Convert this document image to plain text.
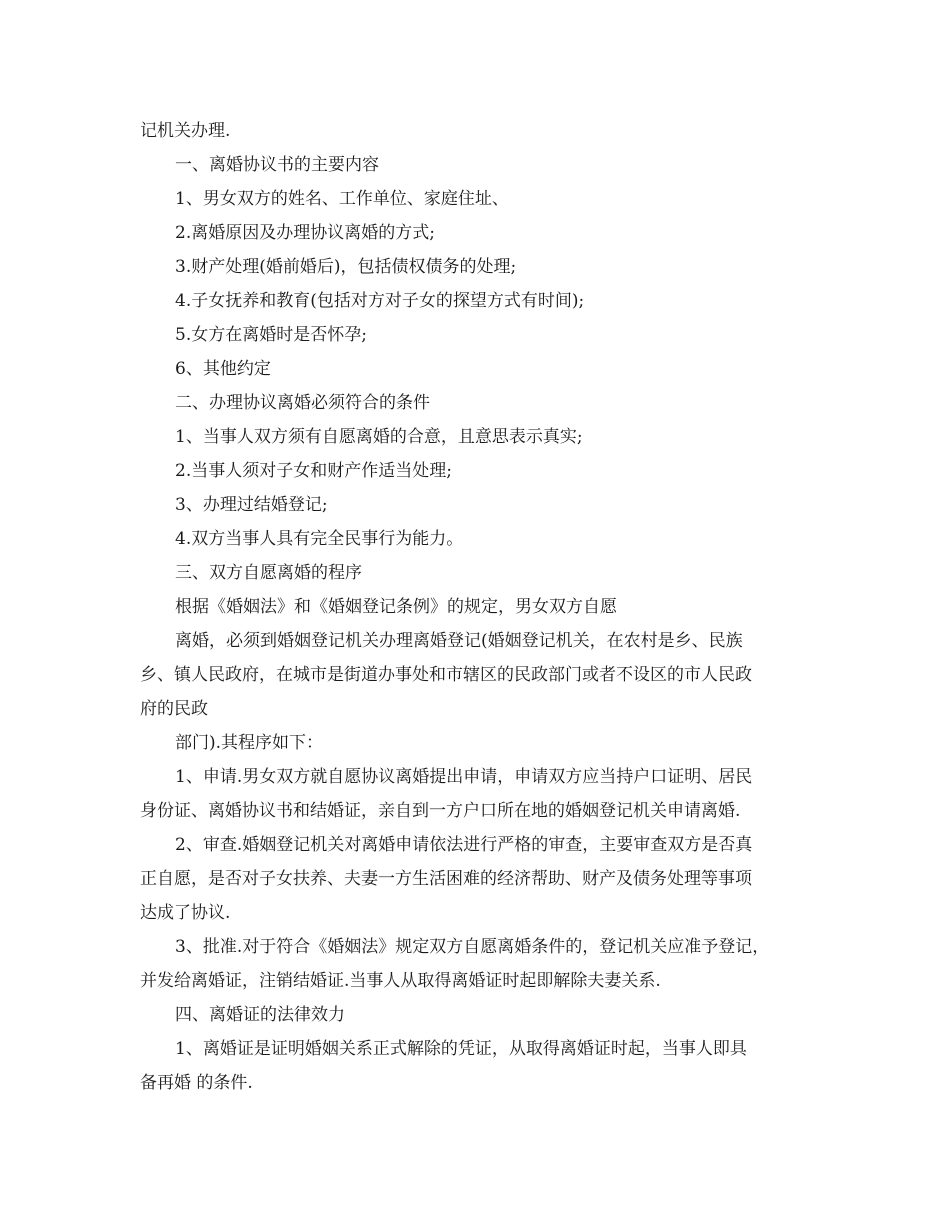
记机关办理.
一、离婚协议书的主要内容
1、男女双方的姓名、工作单位、家庭住址、
2.离婚原因及办理协议离婚的方式;
3.财产处理(婚前婚后)，包括债权债务的处理;
4.子女抚养和教育(包括对方对子女的探望方式有时间);
5.女方在离婚时是否怀孕;
6、其他约定
二、办理协议离婚必须符合的条件
1、当事人双方须有自愿离婚的合意，且意思表示真实;
2.当事人须对子女和财产作适当处理;
3、办理过结婚登记;
4.双方当事人具有完全民事行为能力。
三、双方自愿离婚的程序
根据《婚姻法》和《婚姻登记条例》的规定，男女双方自愿
离婚，必须到婚姻登记机关办理离婚登记(婚姻登记机关，在农村是乡、民族
乡、镇人民政府，在城市是街道办事处和市辖区的民政部门或者不设区的市人民政
府的民政
部门).其程序如下：
1、申请.男女双方就自愿协议离婚提出申请，申请双方应当持户口证明、居民
身份证、离婚协议书和结婚证，亲自到一方户口所在地的婚姻登记机关申请离婚.
2、审查.婚姻登记机关对离婚申请依法进行严格的审查，主要审查双方是否真
正自愿，是否对子女扶养、夫妻一方生活困难的经济帮助、财产及债务处理等事项
达成了协议.
3、批准.对于符合《婚姻法》规定双方自愿离婚条件的，登记机关应准予登记，
并发给离婚证，注销结婚证.当事人从取得离婚证时起即解除夫妻关系.
四、离婚证的法律效力
1、离婚证是证明婚姻关系正式解除的凭证，从取得离婚证时起，当事人即具
备再婚 的条件.
